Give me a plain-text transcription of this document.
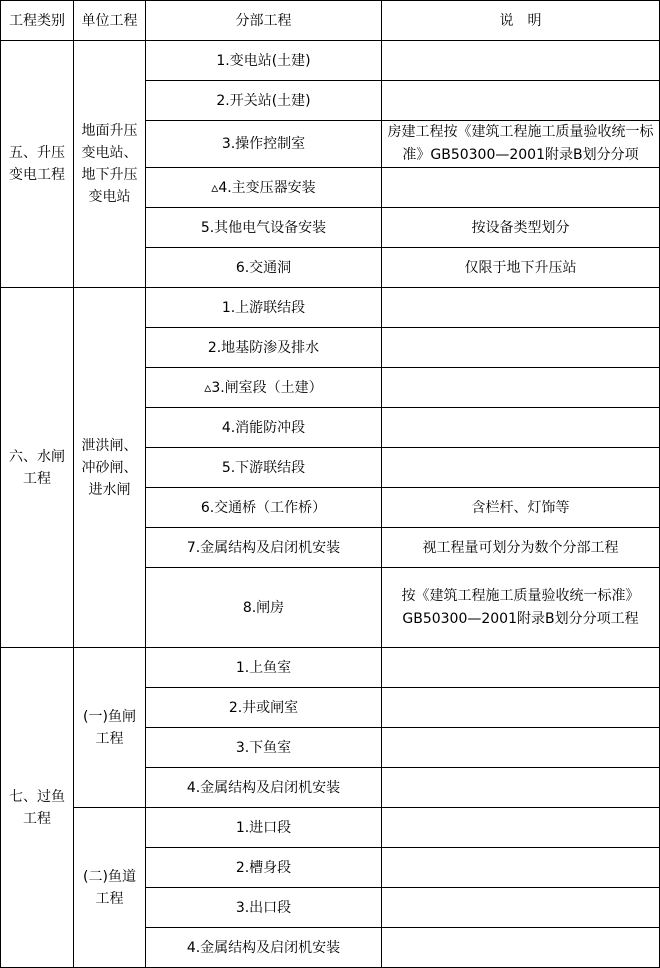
工程类别	单位工程	分部工程	说　明
五、升压变电工程	地面升压变电站、地下升压变电站	1.变电站(土建)	
		2.开关站(土建)	
		3.操作控制室	房建工程按《建筑工程施工质量验收统一标准》GB50300—2001附录B划分分项
		▵4.主变压器安装	
		5.其他电气设备安装	按设备类型划分
		6.交通洞	仅限于地下升压站
六、水闸工程	泄洪闸、冲砂闸、进水闸	1.上游联结段	
		2.地基防渗及排水	
		▵3.闸室段（土建）	
		4.消能防冲段	
		5.下游联结段	
		6.交通桥（工作桥）	含栏杆、灯饰等
		7.金属结构及启闭机安装	视工程量可划分为数个分部工程
		8.闸房	按《建筑工程施工质量验收统一标准》GB50300—2001附录B划分分项工程
七、过鱼工程	(一)鱼闸工程	1.上鱼室	
		2.井或闸室	
		3.下鱼室	
		4.金属结构及启闭机安装	
	(二)鱼道工程	1.进口段	
		2.槽身段	
		3.出口段	
		4.金属结构及启闭机安装	
